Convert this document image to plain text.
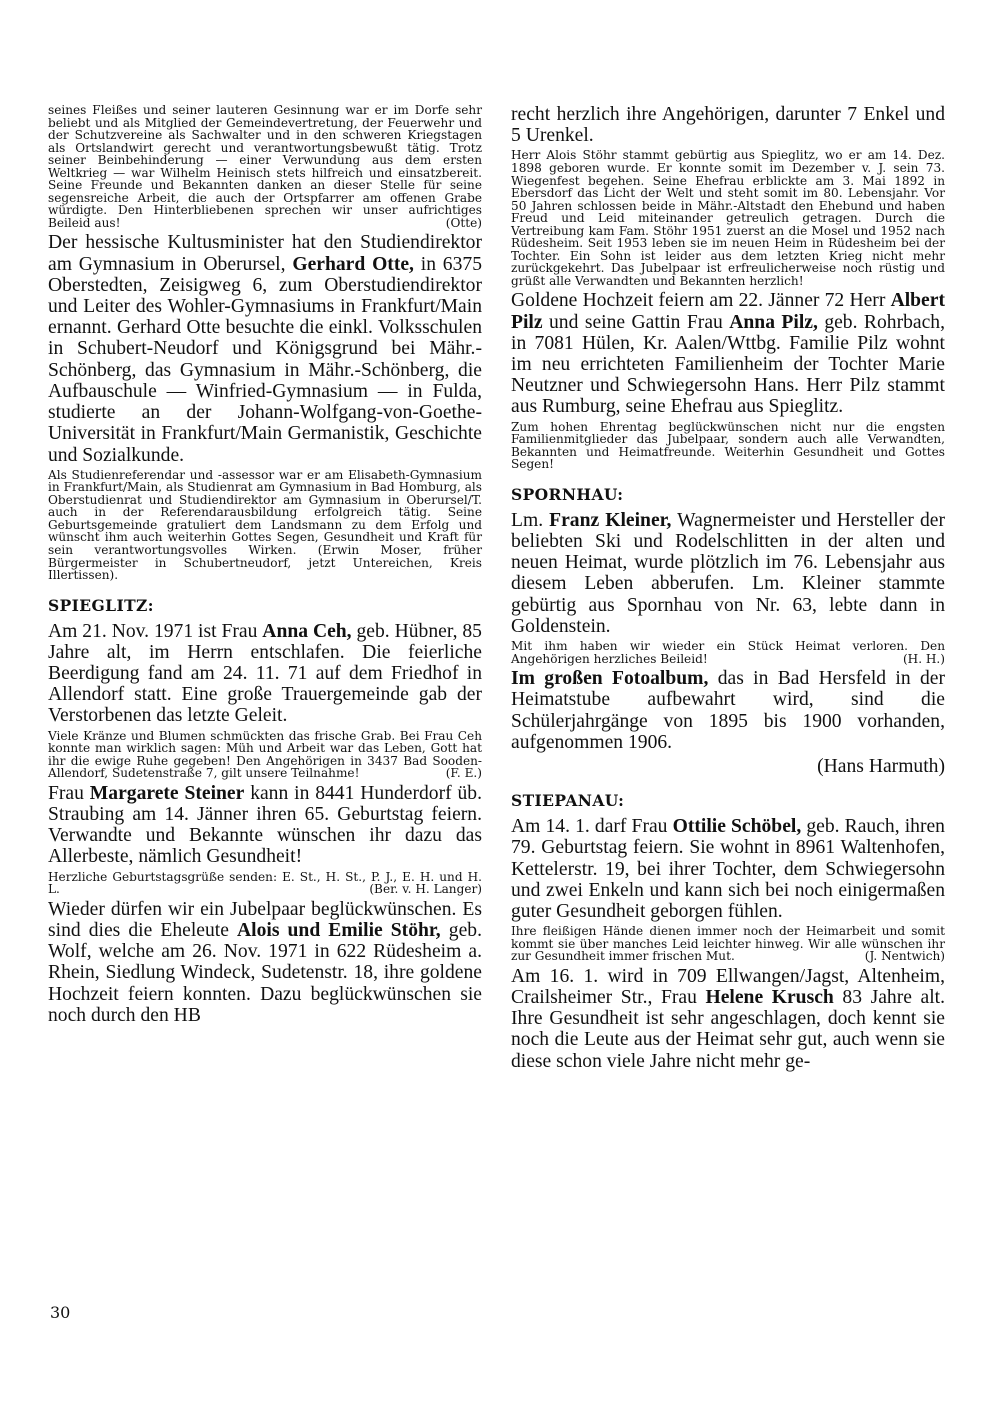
seines Fleißes und seiner lauteren Gesinnung war er im Dorfe sehr beliebt und als Mitglied der Gemeindevertretung, der Feuerwehr und der Schutzvereine als Sachwalter und in den schweren Kriegstagen als Ortslandwirt gerecht und verantwortungsbewußt tätig. Trotz seiner Beinbehinderung — einer Verwundung aus dem ersten Weltkrieg — war Wilhelm Heinisch stets hilfreich und einsatzbereit. Seine Freunde und Bekannten danken an dieser Stelle für seine segensreiche Arbeit, die auch der Ortspfarrer am offenen Grabe würdigte. Den Hinterbliebenen sprechen wir unser aufrichtiges Beileid aus!	(Otte)

Der hessische Kultusminister hat den Studiendirektor am Gymnasium in Oberursel, Gerhard Otte, in 6375 Oberstedten, Zeisigweg 6, zum Oberstudiendirektor und Leiter des Wohler-Gymnasiums in Frankfurt/Main ernannt. Gerhard Otte besuchte die einkl. Volksschulen in Schubert-Neudorf und Königsgrund bei Mähr.-Schönberg, das Gymnasium in Mähr.-Schönberg, die Aufbauschule — Winfried-Gymnasium — in Fulda, studierte an der Johann-Wolfgang-von-Goethe-Universität in Frankfurt/Main Germanistik, Geschichte und Sozialkunde.

Als Studienreferendar und -assessor war er am Elisabeth-Gymnasium in Frankfurt/Main, als Studienrat am Gymnasium in Bad Homburg, als Oberstudienrat und Studiendirektor am Gymnasium in Oberursel/T. auch in der Referendarausbildung erfolgreich tätig. Seine Geburtsgemeinde gratuliert dem Landsmann zu dem Erfolg und wünscht ihm auch weiterhin Gottes Segen, Gesundheit und Kraft für sein verantwortungsvolles Wirken. (Erwin Moser, früher Bürgermeister in Schubertneudorf, jetzt Untereichen, Kreis Illertissen).

SPIEGLITZ:

Am 21. Nov. 1971 ist Frau Anna Ceh, geb. Hübner, 85 Jahre alt, im Herrn entschlafen. Die feierliche Beerdigung fand am 24. 11. 71 auf dem Friedhof in Allendorf statt. Eine große Trauergemeinde gab der Verstorbenen das letzte Geleit.

Viele Kränze und Blumen schmückten das frische Grab. Bei Frau Ceh konnte man wirklich sagen: Müh und Arbeit war das Leben, Gott hat ihr die ewige Ruhe gegeben! Den Angehörigen in 3437 Bad Sooden-Allendorf, Sudetenstraße 7, gilt unsere Teilnahme!	(F. E.)

Frau Margarete Steiner kann in 8441 Hunderdorf üb. Straubing am 14. Jänner ihren 65. Geburtstag feiern. Verwandte und Bekannte wünschen ihr dazu das Allerbeste, nämlich Gesundheit!

Herzliche Geburtstagsgrüße senden: E. St., H. St., P. J., E. H. und H. L.	(Ber. v. H. Langer)

Wieder dürfen wir ein Jubelpaar beglückwünschen. Es sind dies die Eheleute Alois und Emilie Stöhr, geb. Wolf, welche am 26. Nov. 1971 in 622 Rüdesheim a. Rhein, Siedlung Windeck, Sudetenstr. 18, ihre goldene Hochzeit feiern konnten. Dazu beglückwünschen sie noch durch den HB

recht herzlich ihre Angehörigen, darunter 7 Enkel und 5 Urenkel.

Herr Alois Stöhr stammt gebürtig aus Spieglitz, wo er am 14. Dez. 1898 geboren wurde. Er konnte somit im Dezember v. J. sein 73. Wiegenfest begehen. Seine Ehefrau erblickte am 3. Mai 1892 in Ebersdorf das Licht der Welt und steht somit im 80. Lebensjahr. Vor 50 Jahren schlossen beide in Mähr.-Altstadt den Ehebund und haben Freud und Leid miteinander getreulich getragen. Durch die Vertreibung kam Fam. Stöhr 1951 zuerst an die Mosel und 1952 nach Rüdesheim. Seit 1953 leben sie im neuen Heim in Rüdesheim bei der Tochter. Ein Sohn ist leider aus dem letzten Krieg nicht mehr zurückgekehrt. Das Jubelpaar ist erfreulicherweise noch rüstig und grüßt alle Verwandten und Bekannten herzlich!

Goldene Hochzeit feiern am 22. Jänner 72 Herr Albert Pilz und seine Gattin Frau Anna Pilz, geb. Rohrbach, in 7081 Hülen, Kr. Aalen/Wttbg. Familie Pilz wohnt im neu errichteten Familienheim der Tochter Marie Neutzner und Schwiegersohn Hans. Herr Pilz stammt aus Rumburg, seine Ehefrau aus Spieglitz.

Zum hohen Ehrentag beglückwünschen nicht nur die engsten Familienmitglieder das Jubelpaar, sondern auch alle Verwandten, Bekannten und Heimatfreunde. Weiterhin Gesundheit und Gottes Segen!

SPORNHAU:

Lm. Franz Kleiner, Wagnermeister und Hersteller der beliebten Ski und Rodelschlitten in der alten und neuen Heimat, wurde plötzlich im 76. Lebensjahr aus diesem Leben abberufen. Lm. Kleiner stammte gebürtig aus Spornhau von Nr. 63, lebte dann in Goldenstein.

Mit ihm haben wir wieder ein Stück Heimat verloren. Den Angehörigen herzliches Beileid!	(H. H.)

Im großen Fotoalbum, das in Bad Hersfeld in der Heimatstube aufbewahrt wird, sind die Schülerjahrgänge von 1895 bis 1900 vorhanden, aufgenommen 1906.

(Hans Harmuth)

STIEPANAU:

Am 14. 1. darf Frau Ottilie Schöbel, geb. Rauch, ihren 79. Geburtstag feiern. Sie wohnt in 8961 Waltenhofen, Kettelerstr. 19, bei ihrer Tochter, dem Schwiegersohn und zwei Enkeln und kann sich bei noch einigermaßen guter Gesundheit geborgen fühlen.

Ihre fleißigen Hände dienen immer noch der Heimarbeit und somit kommt sie über manches Leid leichter hinweg. Wir alle wünschen ihr zur Gesundheit immer frischen Mut.	(J. Nentwich)

Am 16. 1. wird in 709 Ellwangen/Jagst, Altenheim, Crailsheimer Str., Frau Helene Krusch 83 Jahre alt. Ihre Gesundheit ist sehr angeschlagen, doch kennt sie noch die Leute aus der Heimat sehr gut, auch wenn sie diese schon viele Jahre nicht mehr ge-

30
